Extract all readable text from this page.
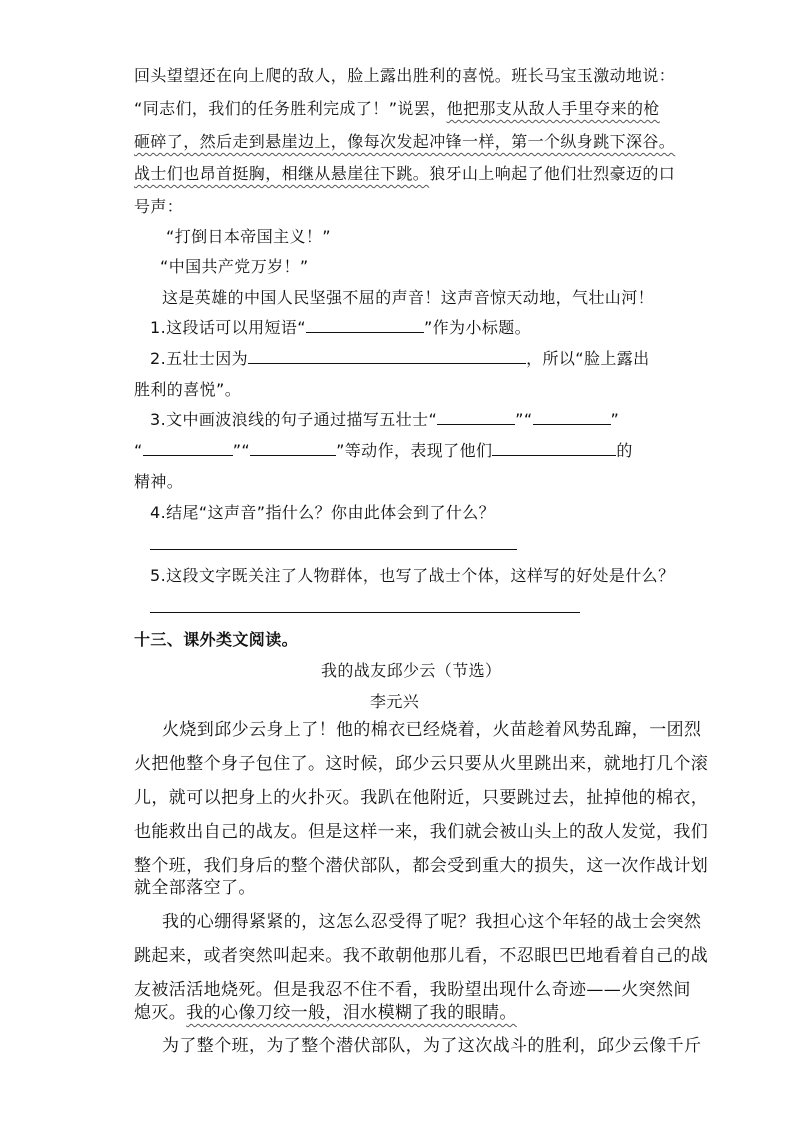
回头望望还在向上爬的敌人，脸上露出胜利的喜悦。班长马宝玉激动地说：
“同志们，我们的任务胜利完成了！”说罢，他把那支从敌人手里夺来的枪
砸碎了，然后走到悬崖边上，像每次发起冲锋一样，第一个纵身跳下深谷。
战士们也昂首挺胸，相继从悬崖往下跳。狼牙山上响起了他们壮烈豪迈的口
号声：
“打倒日本帝国主义！”
“中国共产党万岁！”
这是英雄的中国人民坚强不屈的声音！这声音惊天动地，气壮山河！
1.这段话可以用短语“	”作为小标题。
2.五壮士因为	，所以“脸上露出
胜利的喜悦”。
3.文中画波浪线的句子通过描写五壮士“	”“	”
“	”“	”等动作，表现了他们	的
精神。
4.结尾“这声音”指什么？你由此体会到了什么？
5.这段文字既关注了人物群体，也写了战士个体，这样写的好处是什么？
十三、课外类文阅读。
我的战友邱少云（节选）
李元兴
火烧到邱少云身上了！他的棉衣已经烧着，火苗趁着风势乱蹿，一团烈
火把他整个身子包住了。这时候，邱少云只要从火里跳出来，就地打几个滚
儿，就可以把身上的火扑灭。我趴在他附近，只要跳过去，扯掉他的棉衣，
也能救出自己的战友。但是这样一来，我们就会被山头上的敌人发觉，我们
整个班，我们身后的整个潜伏部队，都会受到重大的损失，这一次作战计划
就全部落空了。
我的心绷得紧紧的，这怎么忍受得了呢？我担心这个年轻的战士会突然
跳起来，或者突然叫起来。我不敢朝他那儿看，不忍眼巴巴地看着自己的战
友被活活地烧死。但是我忍不住不看，我盼望出现什么奇迹——火突然间
熄灭。我的心像刀绞一般，泪水模糊了我的眼睛。
为了整个班，为了整个潜伏部队，为了这次战斗的胜利，邱少云像千斤
